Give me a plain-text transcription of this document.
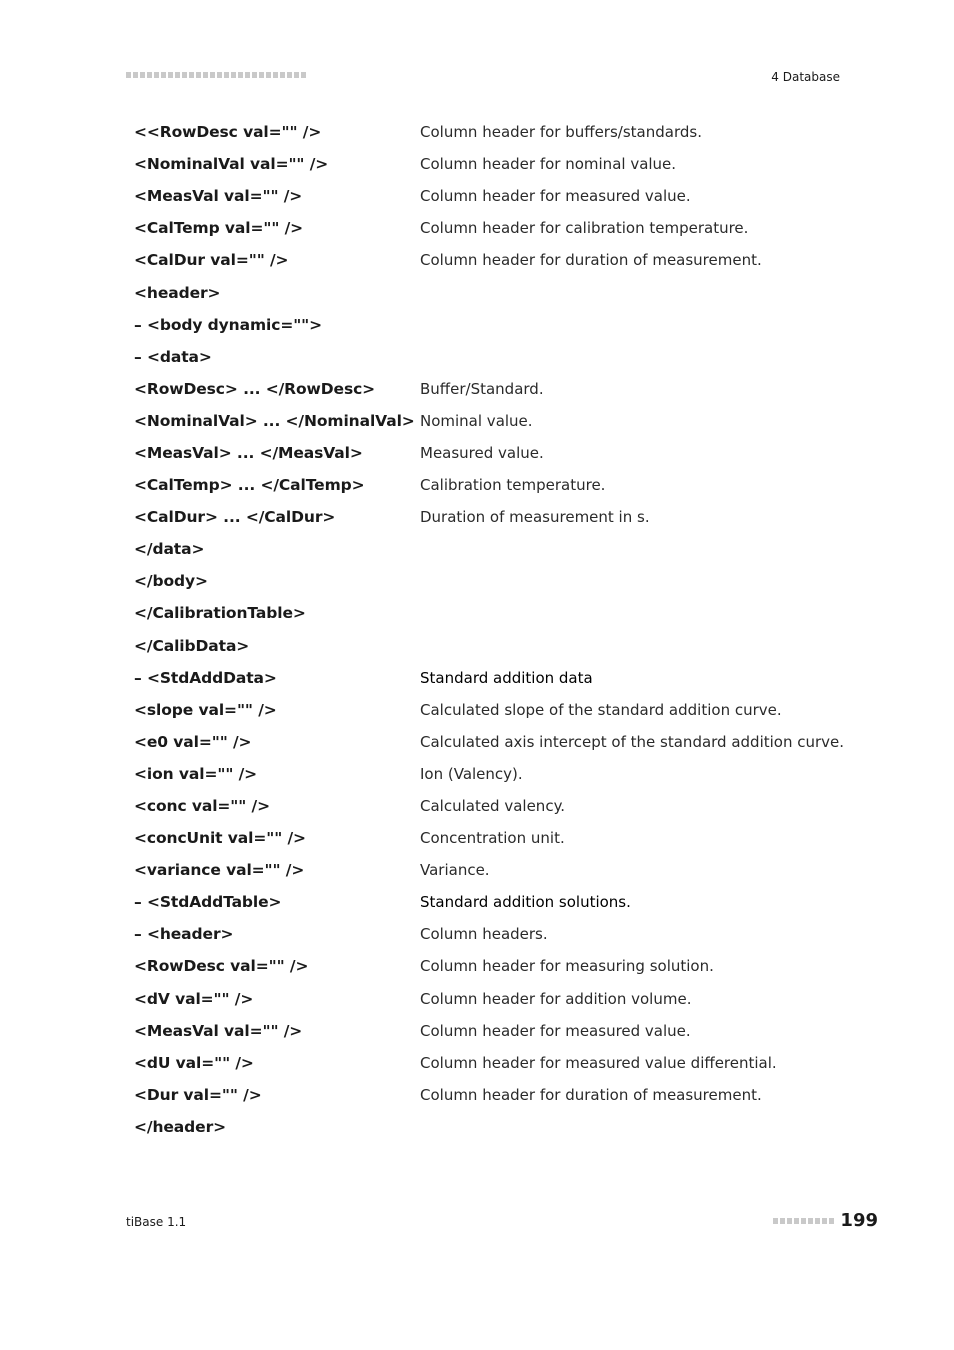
4 Database
<<RowDesc val="" />	Column header for buffers/standards.
<NominalVal val="" />	Column header for nominal value.
<MeasVal val="" />	Column header for measured value.
<CalTemp val="" />	Column header for calibration temperature.
<CalDur val="" />	Column header for duration of measurement.
<header>
– <body dynamic="">
– <data>
<RowDesc> ... </RowDesc>	Buffer/Standard.
<NominalVal> ... </NominalVal> Nominal value.
<MeasVal> ... </MeasVal>	Measured value.
<CalTemp> ... </CalTemp>	Calibration temperature.
<CalDur> ... </CalDur>	Duration of measurement in s.
</data>
</body>
</CalibrationTable>
</CalibData>
– <StdAddData>	Standard addition data
<slope val="" />	Calculated slope of the standard addition curve.
<e0 val="" />	Calculated axis intercept of the standard addition curve.
<ion val="" />	Ion (Valency).
<conc val="" />	Calculated valency.
<concUnit val="" />	Concentration unit.
<variance val="" />	Variance.
– <StdAddTable>	Standard addition solutions.
– <header>	Column headers.
<RowDesc val="" />	Column header for measuring solution.
<dV val="" />	Column header for addition volume.
<MeasVal val="" />	Column header for measured value.
<dU val="" />	Column header for measured value differential.
<Dur val="" />	Column header for duration of measurement.
</header>
tiBase 1.1	199
